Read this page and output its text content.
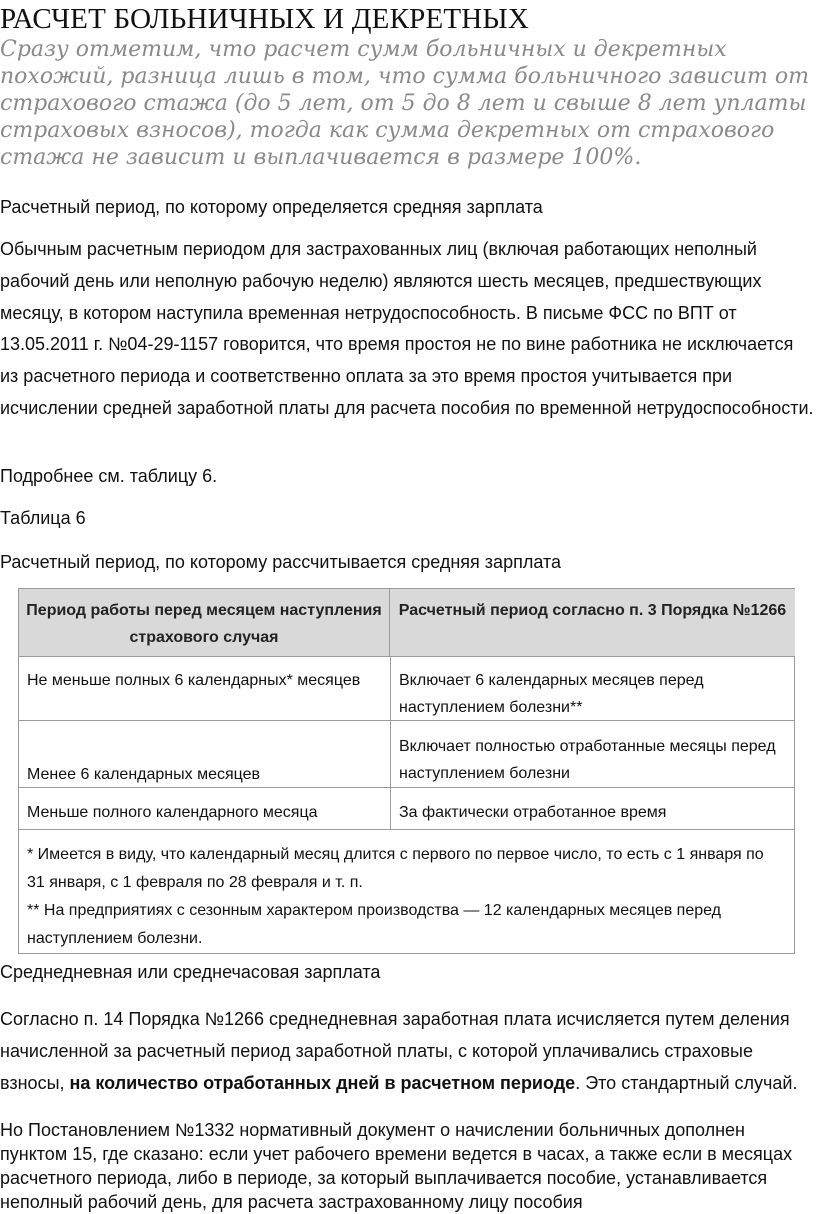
РАСЧЕТ БОЛЬНИЧНЫХ И ДЕКРЕТНЫХ
Сразу отметим, что расчет сумм больничных и декретных похожий, разница лишь в том, что сумма больничного зависит от страхового стажа (до 5 лет, от 5 до 8 лет и свыше 8 лет уплаты страховых взносов), тогда как сумма декретных от страхового стажа не зависит и выплачивается в размере 100%.
Расчетный период, по которому определяется средняя зарплата
Обычным расчетным периодом для застрахованных лиц (включая работающих неполный рабочий день или неполную рабочую неделю) являются шесть месяцев, предшествующих месяцу, в котором наступила временная нетрудоспособность. В письме ФСС по ВПТ от 13.05.2011 г. №04-29-1157 говорится, что время простоя не по вине работника не исключается из расчетного периода и соответственно оплата за это время простоя учитывается при исчислении средней заработной платы для расчета пособия по временной нетрудоспособности.
Подробнее см. таблицу 6.
Таблица 6
Расчетный период, по которому рассчитывается средняя зарплата
Период работы перед месяцем наступления страхового случая
Расчетный период согласно п. 3 Порядка №1266
Не меньше полных 6 календарных* месяцев	Включает 6 календарных месяцев перед наступлением болезни**
Менее 6 календарных месяцев
Включает полностью отработанные месяцы перед наступлением болезни
Меньше полного календарного месяца	За фактически отработанное время
* Имеется в виду, что календарный месяц длится с первого по первое число, то есть с 1 января по 31 января, с 1 февраля по 28 февраля и т. п.
** На предприятиях с сезонным характером производства — 12 календарных месяцев перед наступлением болезни.
Среднедневная или среднечасовая зарплата
Согласно п. 14 Порядка №1266 среднедневная заработная плата исчисляется путем деления начисленной за расчетный период заработной платы, с которой уплачивались страховые взносы, на количество отработанных дней в расчетном периоде. Это стандартный случай.
Но Постановлением №1332 нормативный документ о начислении больничных дополнен пунктом 15, где сказано: если учет рабочего времени ведется в часах, а также если в месяцах расчетного периода, либо в периоде, за который выплачивается пособие, устанавливается неполный рабочий день, для расчета застрахованному лицу пособия
